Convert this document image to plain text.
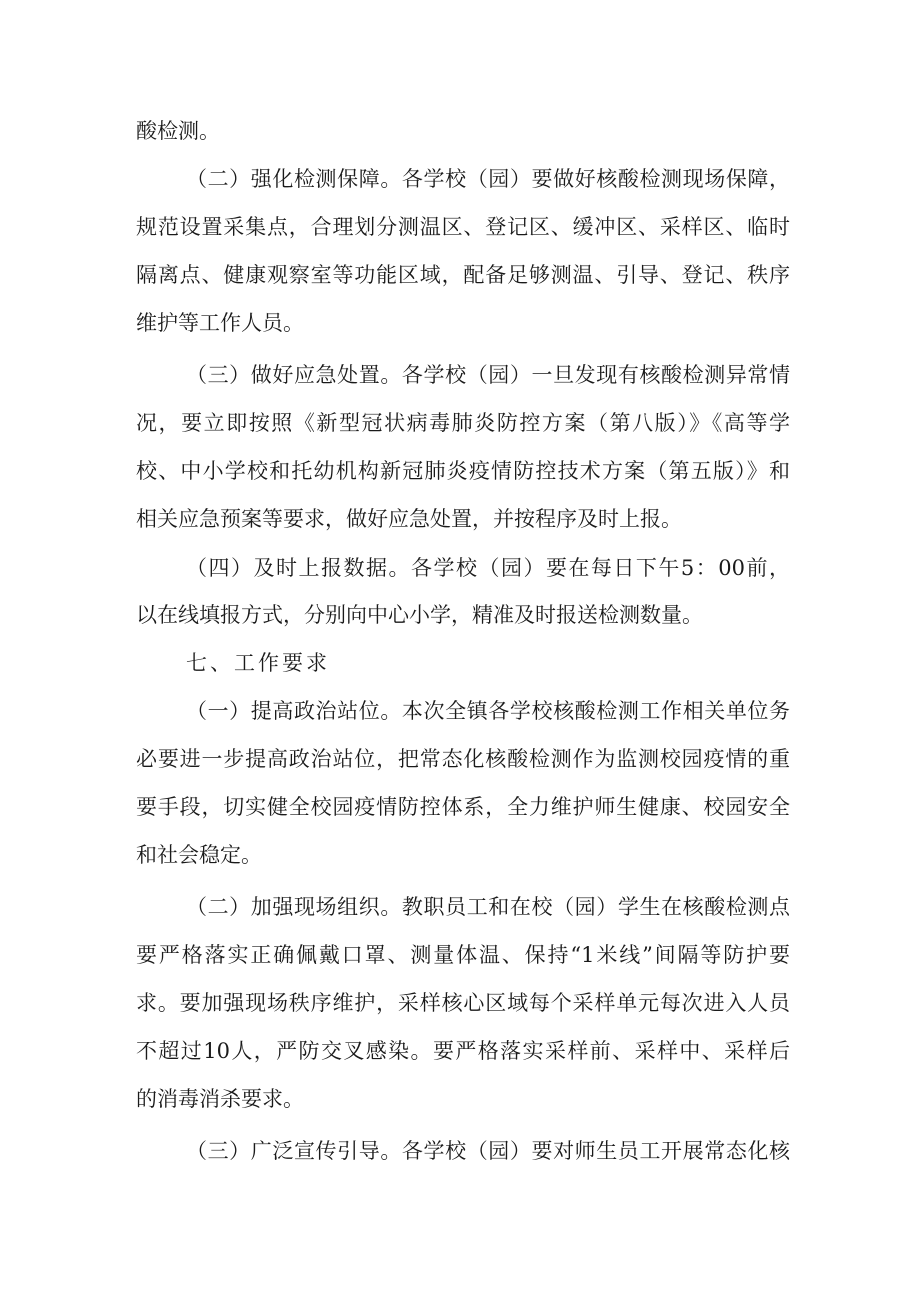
酸检测。
（二）强化检测保障。各学校（园）要做好核酸检测现场保障，
规范设置采集点，合理划分测温区、登记区、缓冲区、采样区、临时
隔离点、健康观察室等功能区域，配备足够测温、引导、登记、秩序
维护等工作人员。
（三）做好应急处置。各学校（园）一旦发现有核酸检测异常情
况，要立即按照《新型冠状病毒肺炎防控方案（第八版）》《高等学
校、中小学校和托幼机构新冠肺炎疫情防控技术方案（第五版）》和
相关应急预案等要求，做好应急处置，并按程序及时上报。
（四）及时上报数据。各学校（园）要在每日下午5：00前，
以在线填报方式，分别向中心小学，精准及时报送检测数量。
七、工作要求
（一）提高政治站位。本次全镇各学校核酸检测工作相关单位务
必要进一步提高政治站位，把常态化核酸检测作为监测校园疫情的重
要手段，切实健全校园疫情防控体系，全力维护师生健康、校园安全
和社会稳定。
（二）加强现场组织。教职员工和在校（园）学生在核酸检测点
要严格落实正确佩戴口罩、测量体温、保持“1米线”间隔等防护要
求。要加强现场秩序维护，采样核心区域每个采样单元每次进入人员
不超过10人，严防交叉感染。要严格落实采样前、采样中、采样后
的消毒消杀要求。
（三）广泛宣传引导。各学校（园）要对师生员工开展常态化核
